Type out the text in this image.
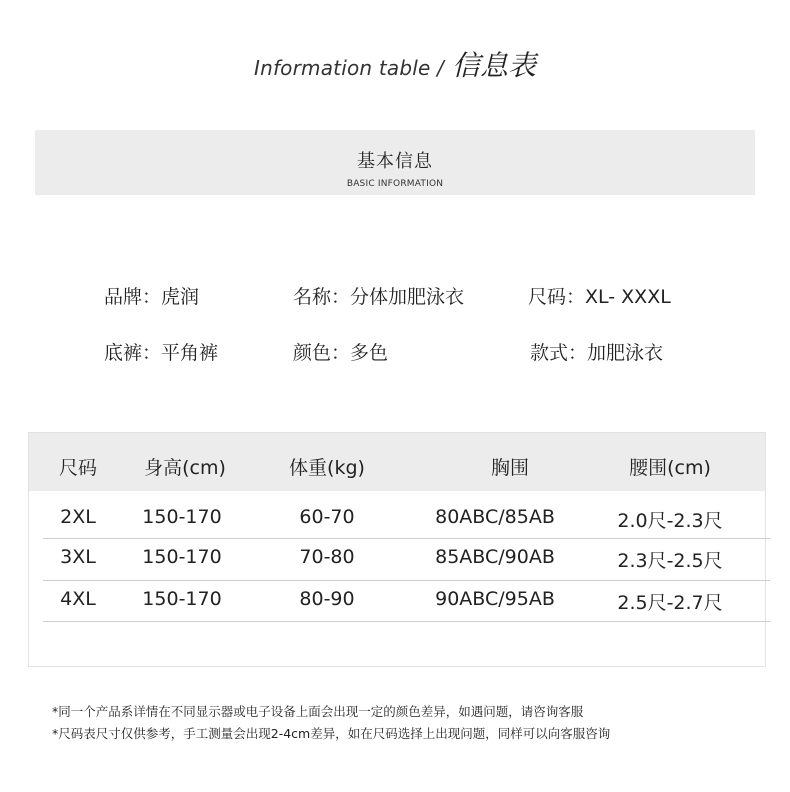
Information table / 信息表
基本信息
BASIC INFORMATION
品牌：虎润	名称：分体加肥泳衣	尺码：XL- XXXL
底裤：平角裤	颜色：多色	款式：加肥泳衣
尺码 身高(cm)	体重(kg)	胸围	腰围(cm)
2XL 150-170	60-70	80ABC/85AB	2.0尺-2.3尺
3XL 150-170	70-80	85ABC/90AB	2.3尺-2.5尺
4XL 150-170	80-90	90ABC/95AB	2.5尺-2.7尺
*同一个产品系详情在不同显示器或电子设备上面会出现一定的颜色差异，如遇问题，请咨询客服
*尺码表尺寸仅供参考，手工测量会出现2-4cm差异，如在尺码选择上出现问题，同样可以向客服咨询
